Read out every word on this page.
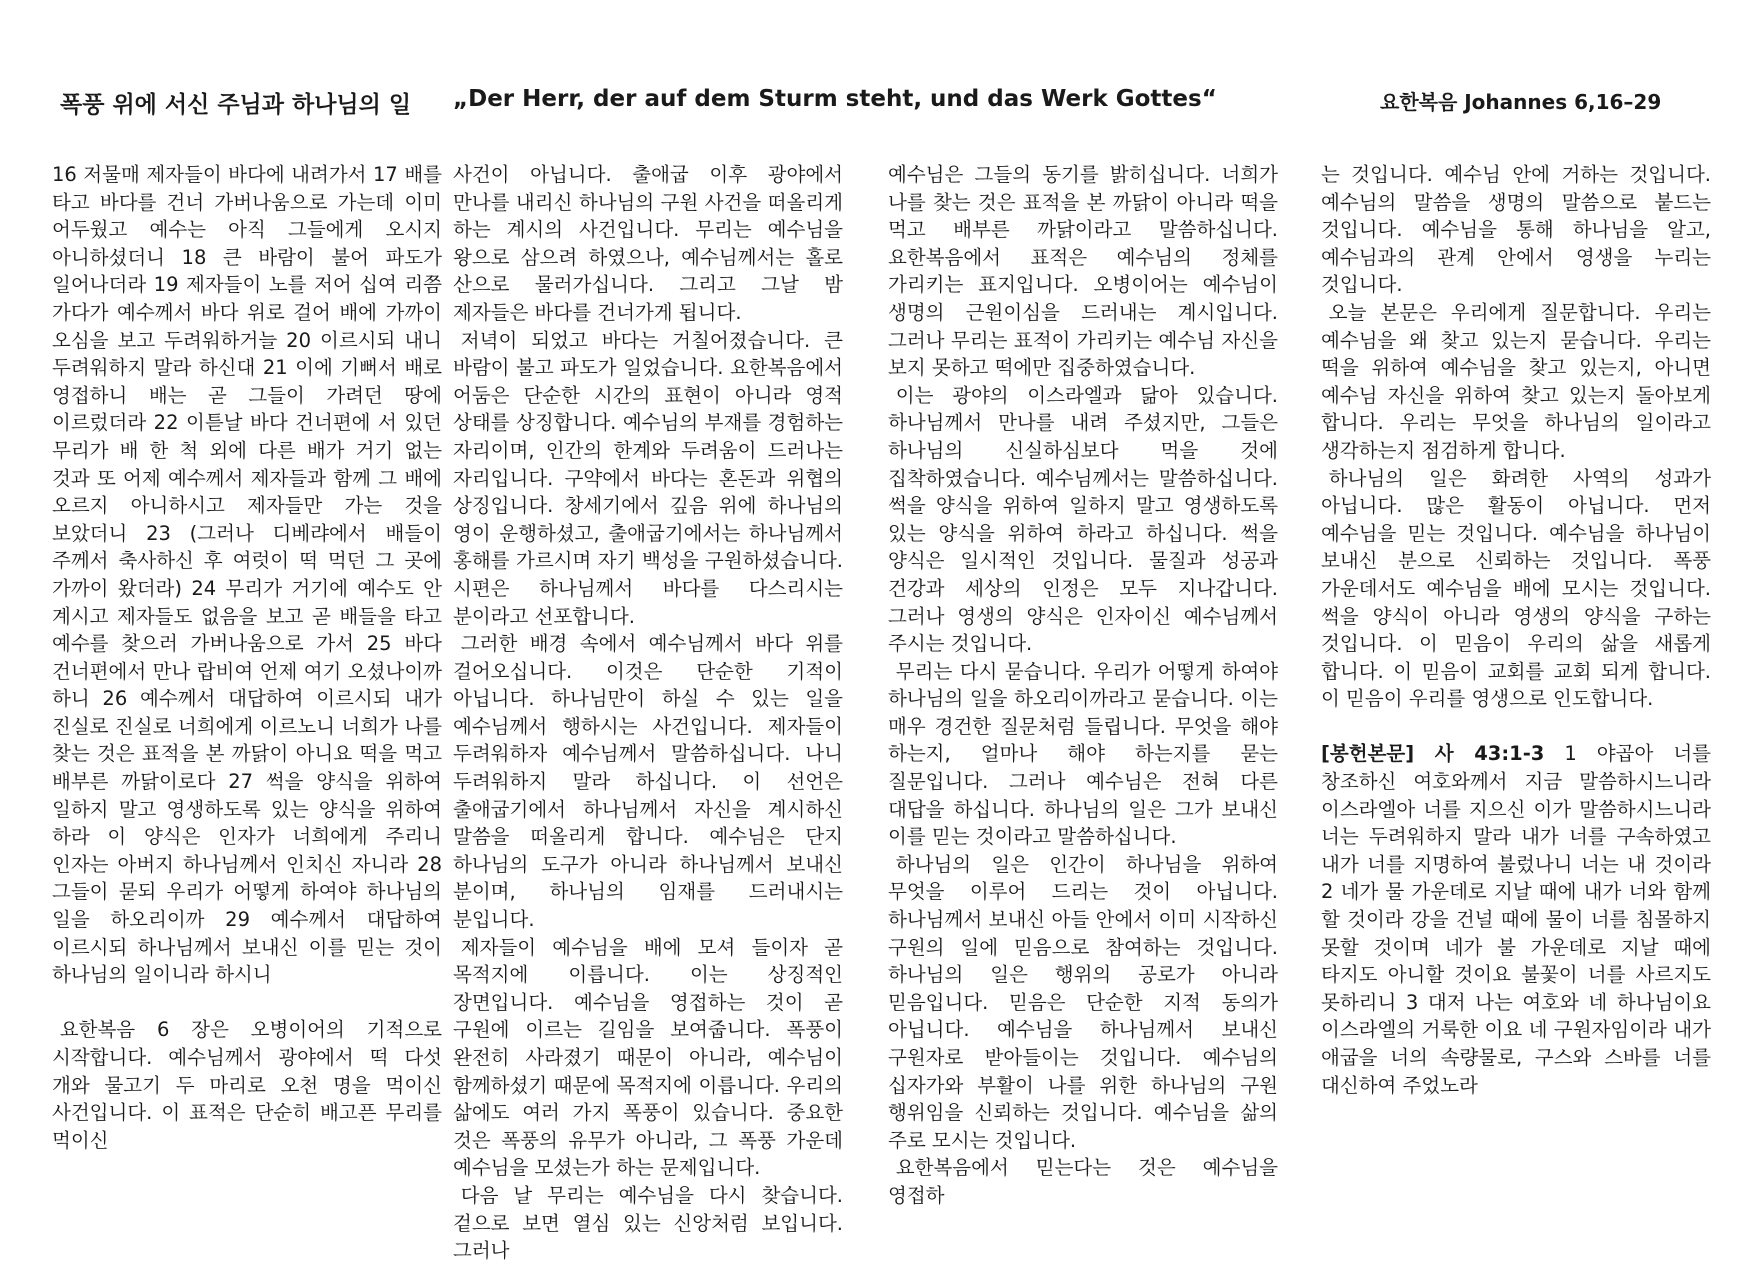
폭풍 위에 서신 주님과 하나님의 일 „Der Herr, der auf dem Sturm steht, und das Werk Gottes“	요한복음 Johannes 6,16–29

16 저물매 제자들이 바다에 내려가서 17 배를 타고 바다를 건너 가버나움으로 가는데 이미 어두웠고 예수는 아직 그들에게 오시지 아니하셨더니 18 큰 바람이 불어 파도가 일어나더라 19 제자들이 노를 저어 십여 리쯤 가다가 예수께서 바다 위로 걸어 배에 가까이 오심을 보고 두려워하거늘 20 이르시되 내니 두려워하지 말라 하신대 21 이에 기뻐서 배로 영접하니 배는 곧 그들이 가려던 땅에 이르렀더라 22 이튿날 바다 건너편에 서 있던 무리가 배 한 척 외에 다른 배가 거기 없는 것과 또 어제 예수께서 제자들과 함께 그 배에 오르지 아니하시고 제자들만 가는 것을 보았더니 23 (그러나 디베랴에서 배들이 주께서 축사하신 후 여럿이 떡 먹던 그 곳에 가까이 왔더라) 24 무리가 거기에 예수도 안 계시고 제자들도 없음을 보고 곧 배들을 타고 예수를 찾으러 가버나움으로 가서 25 바다 건너편에서 만나 랍비여 언제 여기 오셨나이까 하니 26 예수께서 대답하여 이르시되 내가 진실로 진실로 너희에게 이르노니 너희가 나를 찾는 것은 표적을 본 까닭이 아니요 떡을 먹고 배부른 까닭이로다 27 썩을 양식을 위하여 일하지 말고 영생하도록 있는 양식을 위하여 하라 이 양식은 인자가 너희에게 주리니 인자는 아버지 하나님께서 인치신 자니라 28 그들이 묻되 우리가 어떻게 하여야 하나님의 일을 하오리이까 29 예수께서 대답하여 이르시되 하나님께서 보내신 이를 믿는 것이 하나님의 일이니라 하시니

요한복음 6 장은 오병이어의 기적으로 시작합니다. 예수님께서 광야에서 떡 다섯 개와 물고기 두 마리로 오천 명을 먹이신 사건입니다. 이 표적은 단순히 배고픈 무리를 먹이신

사건이 아닙니다. 출애굽 이후 광야에서 만나를 내리신 하나님의 구원 사건을 떠올리게 하는 계시의 사건입니다. 무리는 예수님을 왕으로 삼으려 하였으나, 예수님께서는 홀로 산으로 물러가십니다. 그리고 그날 밤 제자들은 바다를 건너가게 됩니다.

저녁이 되었고 바다는 거칠어졌습니다. 큰 바람이 불고 파도가 일었습니다. 요한복음에서 어둠은 단순한 시간의 표현이 아니라 영적 상태를 상징합니다. 예수님의 부재를 경험하는 자리이며, 인간의 한계와 두려움이 드러나는 자리입니다. 구약에서 바다는 혼돈과 위협의 상징입니다. 창세기에서 깊음 위에 하나님의 영이 운행하셨고, 출애굽기에서는 하나님께서 홍해를 가르시며 자기 백성을 구원하셨습니다. 시편은 하나님께서 바다를 다스리시는 분이라고 선포합니다.

그러한 배경 속에서 예수님께서 바다 위를 걸어오십니다. 이것은 단순한 기적이 아닙니다. 하나님만이 하실 수 있는 일을 예수님께서 행하시는 사건입니다. 제자들이 두려워하자 예수님께서 말씀하십니다. 나니 두려워하지 말라 하십니다. 이 선언은 출애굽기에서 하나님께서 자신을 계시하신 말씀을 떠올리게 합니다. 예수님은 단지 하나님의 도구가 아니라 하나님께서 보내신 분이며, 하나님의 임재를 드러내시는 분입니다.

제자들이 예수님을 배에 모셔 들이자 곧 목적지에 이릅니다. 이는 상징적인 장면입니다. 예수님을 영접하는 것이 곧 구원에 이르는 길임을 보여줍니다. 폭풍이 완전히 사라졌기 때문이 아니라, 예수님이 함께하셨기 때문에 목적지에 이릅니다. 우리의 삶에도 여러 가지 폭풍이 있습니다. 중요한 것은 폭풍의 유무가 아니라, 그 폭풍 가운데 예수님을 모셨는가 하는 문제입니다.

다음 날 무리는 예수님을 다시 찾습니다. 겉으로 보면 열심 있는 신앙처럼 보입니다. 그러나

예수님은 그들의 동기를 밝히십니다. 너희가 나를 찾는 것은 표적을 본 까닭이 아니라 떡을 먹고 배부른 까닭이라고 말씀하십니다. 요한복음에서 표적은 예수님의 정체를 가리키는 표지입니다. 오병이어는 예수님이 생명의 근원이심을 드러내는 계시입니다. 그러나 무리는 표적이 가리키는 예수님 자신을 보지 못하고 떡에만 집중하였습니다.

이는 광야의 이스라엘과 닮아 있습니다. 하나님께서 만나를 내려 주셨지만, 그들은 하나님의 신실하심보다 먹을 것에 집착하였습니다. 예수님께서는 말씀하십니다. 썩을 양식을 위하여 일하지 말고 영생하도록 있는 양식을 위하여 하라고 하십니다. 썩을 양식은 일시적인 것입니다. 물질과 성공과 건강과 세상의 인정은 모두 지나갑니다. 그러나 영생의 양식은 인자이신 예수님께서 주시는 것입니다.

무리는 다시 묻습니다. 우리가 어떻게 하여야 하나님의 일을 하오리이까라고 묻습니다. 이는 매우 경건한 질문처럼 들립니다. 무엇을 해야 하는지, 얼마나 해야 하는지를 묻는 질문입니다. 그러나 예수님은 전혀 다른 대답을 하십니다. 하나님의 일은 그가 보내신 이를 믿는 것이라고 말씀하십니다.

하나님의 일은 인간이 하나님을 위하여 무엇을 이루어 드리는 것이 아닙니다. 하나님께서 보내신 아들 안에서 이미 시작하신 구원의 일에 믿음으로 참여하는 것입니다. 하나님의 일은 행위의 공로가 아니라 믿음입니다. 믿음은 단순한 지적 동의가 아닙니다. 예수님을 하나님께서 보내신 구원자로 받아들이는 것입니다. 예수님의 십자가와 부활이 나를 위한 하나님의 구원 행위임을 신뢰하는 것입니다. 예수님을 삶의 주로 모시는 것입니다.

요한복음에서 믿는다는 것은 예수님을 영접하

는 것입니다. 예수님 안에 거하는 것입니다. 예수님의 말씀을 생명의 말씀으로 붙드는 것입니다. 예수님을 통해 하나님을 알고, 예수님과의 관계 안에서 영생을 누리는 것입니다.

오늘 본문은 우리에게 질문합니다. 우리는 예수님을 왜 찾고 있는지 묻습니다. 우리는 떡을 위하여 예수님을 찾고 있는지, 아니면 예수님 자신을 위하여 찾고 있는지 돌아보게 합니다. 우리는 무엇을 하나님의 일이라고 생각하는지 점검하게 합니다.

하나님의 일은 화려한 사역의 성과가 아닙니다. 많은 활동이 아닙니다. 먼저 예수님을 믿는 것입니다. 예수님을 하나님이 보내신 분으로 신뢰하는 것입니다. 폭풍 가운데서도 예수님을 배에 모시는 것입니다. 썩을 양식이 아니라 영생의 양식을 구하는 것입니다. 이 믿음이 우리의 삶을 새롭게 합니다. 이 믿음이 교회를 교회 되게 합니다. 이 믿음이 우리를 영생으로 인도합니다.

[봉헌본문] 사 43:1-3 1 야곱아 너를 창조하신 여호와께서 지금 말씀하시느니라 이스라엘아 너를 지으신 이가 말씀하시느니라 너는 두려워하지 말라 내가 너를 구속하였고 내가 너를 지명하여 불렀나니 너는 내 것이라 2 네가 물 가운데로 지날 때에 내가 너와 함께 할 것이라 강을 건널 때에 물이 너를 침몰하지 못할 것이며 네가 불 가운데로 지날 때에 타지도 아니할 것이요 불꽃이 너를 사르지도 못하리니 3 대저 나는 여호와 네 하나님이요 이스라엘의 거룩한 이요 네 구원자임이라 내가 애굽을 너의 속량물로, 구스와 스바를 너를 대신하여 주었노라
